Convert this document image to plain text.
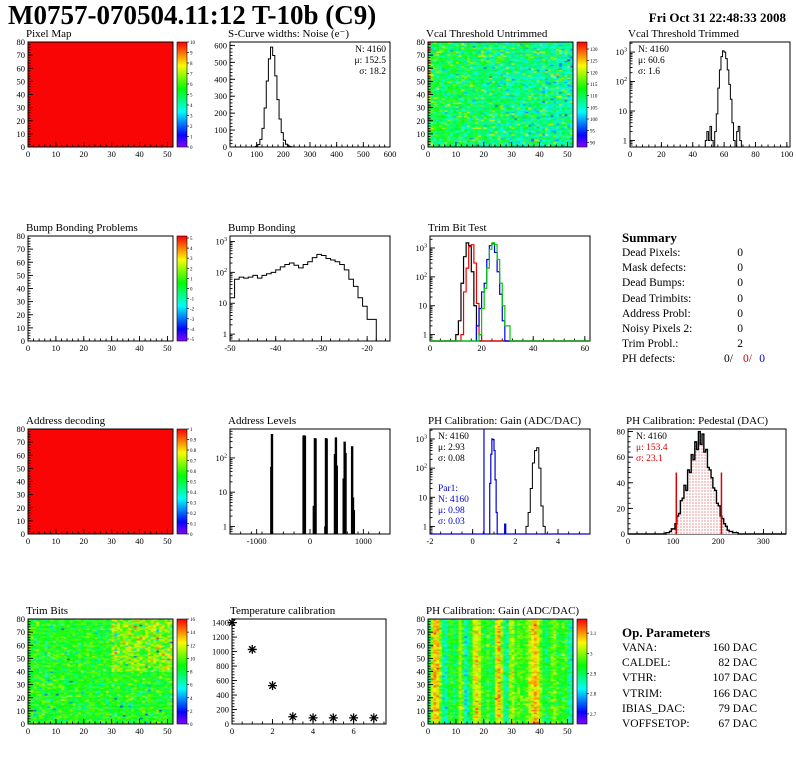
M0757-070504.11:12 T-10b (C9)	Fri Oct 31 22:48:33 2008
Pixel Map
0	10 20 30 40 50
0
10
20
30
40
50
60
70
80
0
1
2
3
4
5
6
7
8
9
10
S-Curve widths: Noise (e⁻)
0 100 200 300 400 500 600
0
100
200
300
400
500
600	N: 4160
μ: 152.5
σ: 18.2
Vcal Threshold Untrimmed
0	10 20 30 40 50
0
10
20
30
40
50
60
70
80
90
95
100
105
110
115
120
125
130
Vcal Threshold Trimmed
0	20	40	60	80 100
1
10
$10^2$
$10^3$ N: 4160
μ: 60.6
σ: 1.6
Bump Bonding Problems
0	10 20 30 40 50
0
10
20
30
40
50
60
70
80
-5
-4
-3
-2
-1
0
1
2
3
4
5
Bump Bonding
-50	-40	-30	-20
1
10
$10^2$
$10^3$
Trim Bit Test
0	20	40	60
1
10
$10^2$
$10^3$
Summary
Dead Pixels:	0
Mask defects:	0
Dead Bumps:	0
Dead Trimbits:	0
Address Probl:	0
Noisy Pixels 2:	0
Trim Probl.:	2
PH defects:	0/ 0/ 0
Address decoding
0	10 20 30 40 50
0
10
20
30
40
50
60
70
80
0
0.1
0.2
0.3
0.4
0.5
0.6
0.7
0.8
0.9
1
Address Levels
-1000	0	1000
1
10
$10^2$
PH Calibration: Gain (ADC/DAC)
-2	0	2	4
1
10
$10^2$
$10^3$ N: 4160
μ: 2.93
σ: 0.08
Par1:
N: 4160
μ: 0.98
σ: 0.03
PH Calibration: Pedestal (DAC)
0	100	200	300
0
20
40
60
80
N: 4160
μ: 153.4
σ: 23.1
Trim Bits
0	10 20 30 40 50
0
10
20
30
40
50
60
70
80
0
2
4
6
8
10
12
14
16
Temperature calibration
0	2	4	6
0
200
400
600
800
1000
1200
1400
PH Calibration: Gain (ADC/DAC)
0	10 20 30 40 50
0
10
20
30
40
50
60
70
80
2.7
2.8
2.9
3
3.1 Op. Parameters
VANA:	160 DAC
CALDEL:	82 DAC
VTHR:	107 DAC
VTRIM:	166 DAC
IBIAS_DAC:	79 DAC
VOFFSETOP:	67 DAC
